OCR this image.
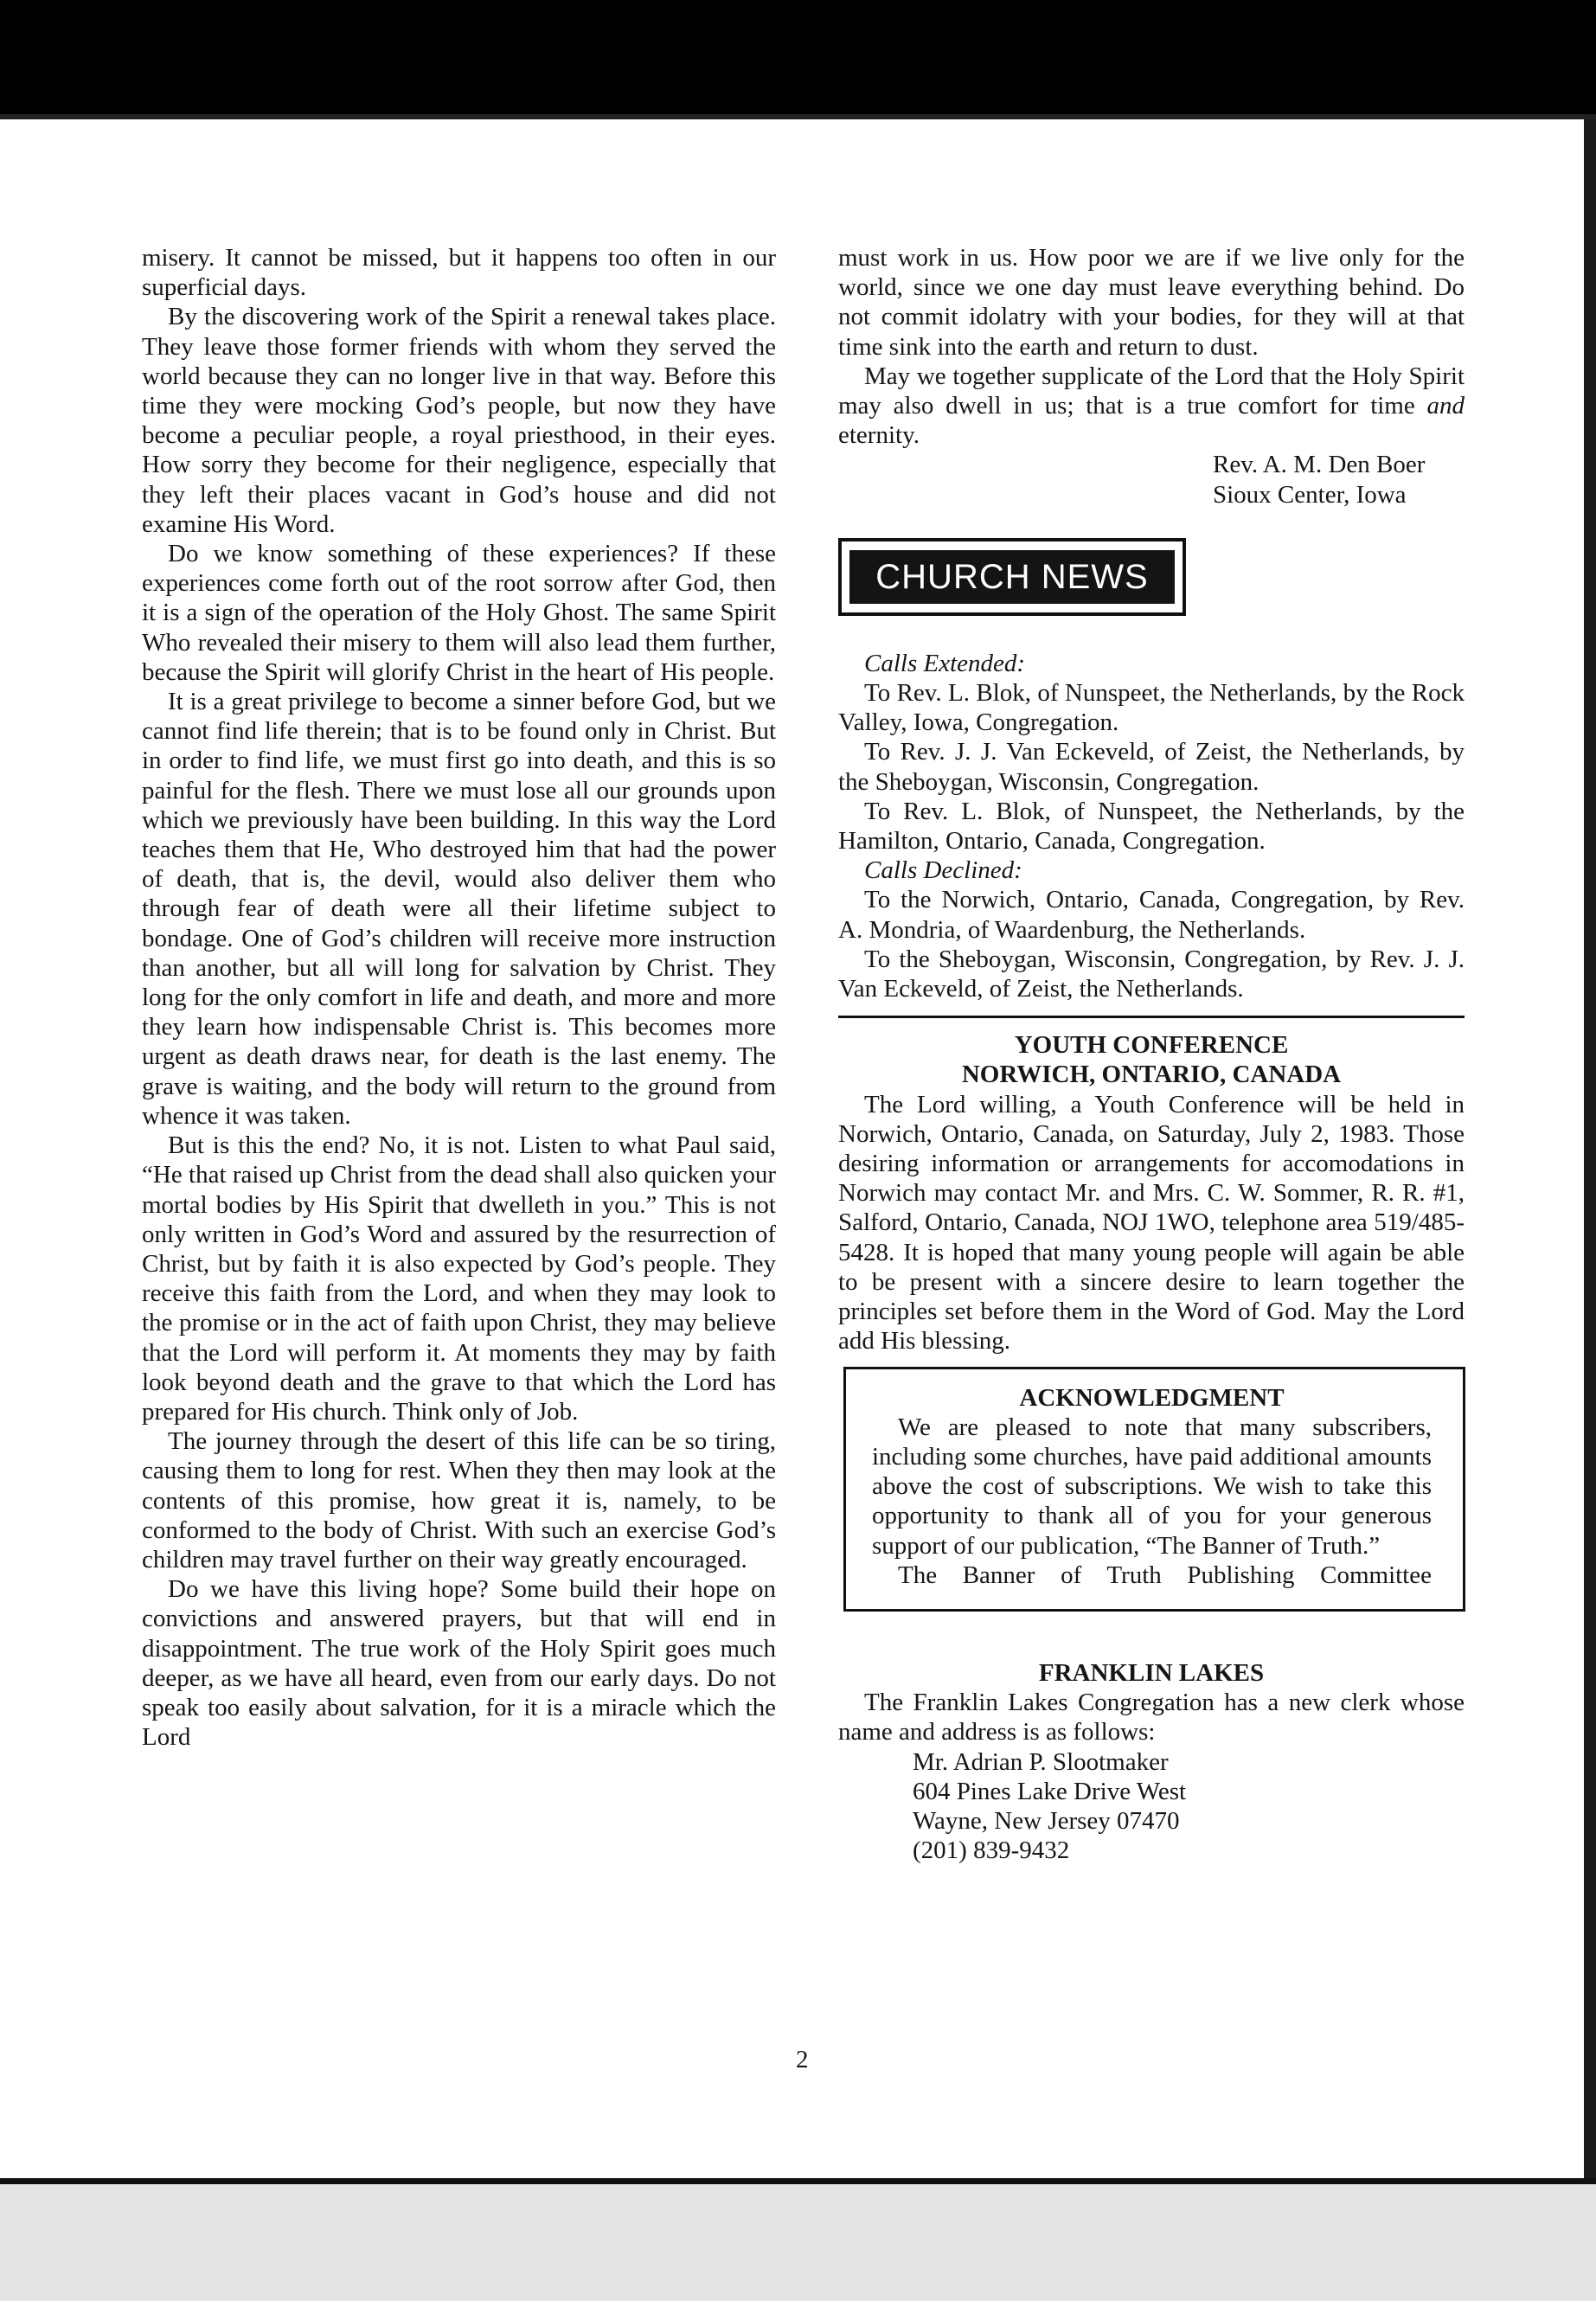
misery. It cannot be missed, but it happens too often in our superficial days.

By the discovering work of the Spirit a renewal takes place. They leave those former friends with whom they served the world because they can no longer live in that way. Before this time they were mocking God’s people, but now they have become a peculiar people, a royal priesthood, in their eyes. How sorry they become for their negligence, especially that they left their places vacant in God’s house and did not examine His Word.

Do we know something of these experiences? If these experiences come forth out of the root sorrow after God, then it is a sign of the operation of the Holy Ghost. The same Spirit Who revealed their misery to them will also lead them further, because the Spirit will glorify Christ in the heart of His people.

It is a great privilege to become a sinner before God, but we cannot find life therein; that is to be found only in Christ. But in order to find life, we must first go into death, and this is so painful for the flesh. There we must lose all our grounds upon which we previously have been building. In this way the Lord teaches them that He, Who destroyed him that had the power of death, that is, the devil, would also deliver them who through fear of death were all their lifetime subject to bondage. One of God’s children will receive more instruction than another, but all will long for salvation by Christ. They long for the only comfort in life and death, and more and more they learn how indispensable Christ is. This becomes more urgent as death draws near, for death is the last enemy. The grave is waiting, and the body will return to the ground from whence it was taken.

But is this the end? No, it is not. Listen to what Paul said, “He that raised up Christ from the dead shall also quicken your mortal bodies by His Spirit that dwelleth in you.” This is not only written in God’s Word and assured by the resurrection of Christ, but by faith it is also expected by God’s people. They receive this faith from the Lord, and when they may look to the promise or in the act of faith upon Christ, they may believe that the Lord will perform it. At moments they may by faith look beyond death and the grave to that which the Lord has prepared for His church. Think only of Job.

The journey through the desert of this life can be so tiring, causing them to long for rest. When they then may look at the contents of this promise, how great it is, namely, to be conformed to the body of Christ. With such an exercise God’s children may travel further on their way greatly encouraged.

Do we have this living hope? Some build their hope on convictions and answered prayers, but that will end in disappointment. The true work of the Holy Spirit goes much deeper, as we have all heard, even from our early days. Do not speak too easily about salvation, for it is a miracle which the Lord

must work in us. How poor we are if we live only for the world, since we one day must leave everything behind. Do not commit idolatry with your bodies, for they will at that time sink into the earth and return to dust.

May we together supplicate of the Lord that the Holy Spirit may also dwell in us; that is a true comfort for time and eternity.

Rev. A. M. Den Boer
Sioux Center, Iowa
CHURCH NEWS

Calls Extended:

To Rev. L. Blok, of Nunspeet, the Netherlands, by the Rock Valley, Iowa, Congregation.

To Rev. J. J. Van Eckeveld, of Zeist, the Netherlands, by the Sheboygan, Wisconsin, Congregation.

To Rev. L. Blok, of Nunspeet, the Netherlands, by the Hamilton, Ontario, Canada, Congregation.

Calls Declined:

To the Norwich, Ontario, Canada, Congregation, by Rev. A. Mondria, of Waardenburg, the Netherlands.

To the Sheboygan, Wisconsin, Congregation, by Rev. J. J. Van Eckeveld, of Zeist, the Netherlands.

YOUTH CONFERENCE

NORWICH, ONTARIO, CANADA

The Lord willing, a Youth Conference will be held in Norwich, Ontario, Canada, on Saturday, July 2, 1983. Those desiring information or arrangements for accomodations in Norwich may contact Mr. and Mrs. C. W. Sommer, R. R. #1, Salford, Ontario, Canada, NOJ 1WO, telephone area 519/485-5428. It is hoped that many young people will again be able to be present with a sincere desire to learn together the principles set before them in the Word of God. May the Lord add His blessing.

ACKNOWLEDGMENT

We are pleased to note that many subscribers, including some churches, have paid additional amounts above the cost of subscriptions. We wish to take this opportunity to thank all of you for your generous support of our publication, “The Banner of Truth.”

The Banner of Truth Publishing Committee

FRANKLIN LAKES

The Franklin Lakes Congregation has a new clerk whose name and address is as follows:

Mr. Adrian P. Slootmaker
604 Pines Lake Drive West
Wayne, New Jersey 07470
(201) 839-9432
2
